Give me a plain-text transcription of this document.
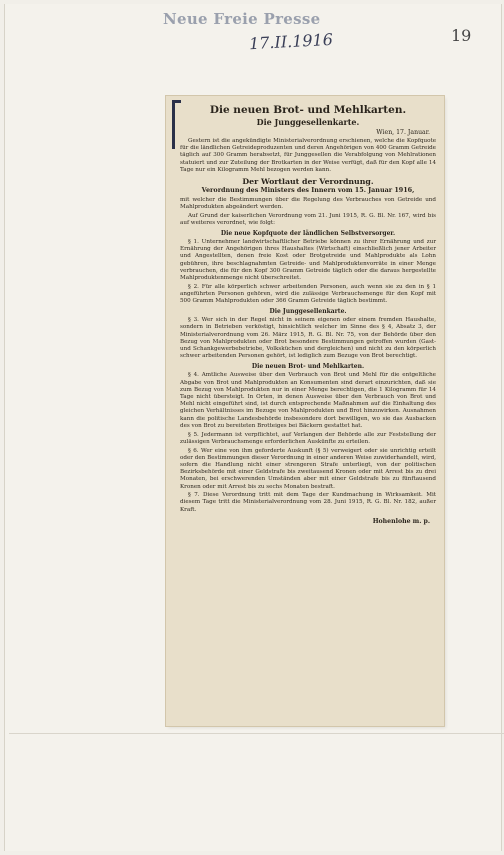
Neue Freie Presse
17.II.1916	19
Die neuen Brot- und Mehlkarten.
Die Junggesellenkarte.
Wien, 17. Januar.

Gestern ist die angekündigte Ministerialverordnung erschienen, welche die Kopfquote für die ländlichen Getreideproduzenten und deren Angehörigen von 400 Gramm Getreide täglich auf 300 Gramm herabsetzt, für Junggesellen die Verabfolgung von Mehlrationen statuiert und zur Zuteilung der Brotkarten in der Weise verfügt, daß für den Kopf alle 14 Tage nur ein Kilogramm Mehl bezogen werden kann.

Der Wortlaut der Verordnung.
Verordnung des Ministers des Innern vom 15. Januar 1916,

mit welcher die Bestimmungen über die Regelung des Verbrauches von Getreide und Mahlprodukten abgeändert werden.

Auf Grund der kaiserlichen Verordnung vom 21. Juni 1915, R. G. Bl. Nr. 167, wird bis auf weiteres verordnet, wie folgt:

Die neue Kopfquote der ländlichen Selbstversorger.

§ 1. Unternehmer landwirtschaftlicher Betriebe können zu ihrer Ernährung und zur Ernährung der Angehörigen ihres Haushaltes (Wirtschaft) einschließlich jener Arbeiter und Angestellten, denen freie Kost oder Brotgetreide und Mahlprodukte als Lohn gebühren, ihre beschlagnahmten Getreide- und Mahlproduktenvorräte in einer Menge verbrauchen, die für den Kopf 300 Gramm Getreide täglich oder die daraus hergestellte Mahlproduktenmenge nicht überschreitet.

§ 2. Für alle körperlich schwer arbeitenden Personen, auch wenn sie zu den in § 1 angeführten Personen gehören, wird die zulässige Verbrauchsmenge für den Kopf mit 500 Gramm Mahlprodukten oder 366 Gramm Getreide täglich bestimmt.

Die Junggesellenkarte.

§ 3. Wer sich in der Regel nicht in seinem eigenen oder einem fremden Haushalte, sondern in Betrieben verköstigt, hinsichtlich welcher im Sinne des § 4, Absatz 3, der Ministerialverordnung vom 26. März 1915, R. G. Bl. Nr. 75, von der Behörde über den Bezug von Mahlprodukten oder Brot besondere Bestimmungen getroffen wurden (Gast- und Schankgewerbebetriebe, Volksküchen und dergleichen) und nicht zu den körperlich schwer arbeitenden Personen gehört, ist lediglich zum Bezuge von Brot berechtigt.

Die neuen Brot- und Mehlkarten.

§ 4. Amtliche Ausweise über den Verbrauch von Brot und Mehl für die entgeltliche Abgabe von Brot und Mahlprodukten an Konsumenten sind derart einzurichten, daß sie zum Bezug von Mahlprodukten nur in einer Menge berechtigen, die 1 Kilogramm für 14 Tage nicht übersteigt. In Orten, in denen Ausweise über den Verbrauch von Brot und Mehl nicht eingeführt sind, ist durch entsprechende Maßnahmen auf die Einhaltung des gleichen Verhältnisses im Bezuge von Mahlprodukten und Brot hinzuwirken. Ausnahmen kann die politische Landesbehörde insbesondere dort bewilligen, wo sie das Ausbacken des von Brot zu bereiteten Brotteiges bei Bäckern gestattet hat.

§ 5. Jedermann ist verpflichtet, auf Verlangen der Behörde alle zur Feststellung der zulässigen Verbrauchsmenge erforderlichen Auskünfte zu erteilen.

§ 6. Wer eine von ihm geforderte Auskunft (§ 5) verweigert oder sie unrichtig erteilt oder den Bestimmungen dieser Verordnung in einer anderen Weise zuwiderhandelt, wird, sofern die Handlung nicht einer strengeren Strafe unterliegt, von der politischen Bezirksbehörde mit einer Geldstrafe bis zweitausend Kronen oder mit Arrest bis zu drei Monaten, bei erschwerenden Umständen aber mit einer Geldstrafe bis zu fünftausend Kronen oder mit Arrest bis zu sechs Monaten bestraft.

§ 7. Diese Verordnung tritt mit dem Tage der Kundmachung in Wirksamkeit. Mit diesem Tage tritt die Ministerialverordnung vom 28. Juni 1915, R. G. Bl. Nr. 182, außer Kraft.

Hohenlohe m. p.
